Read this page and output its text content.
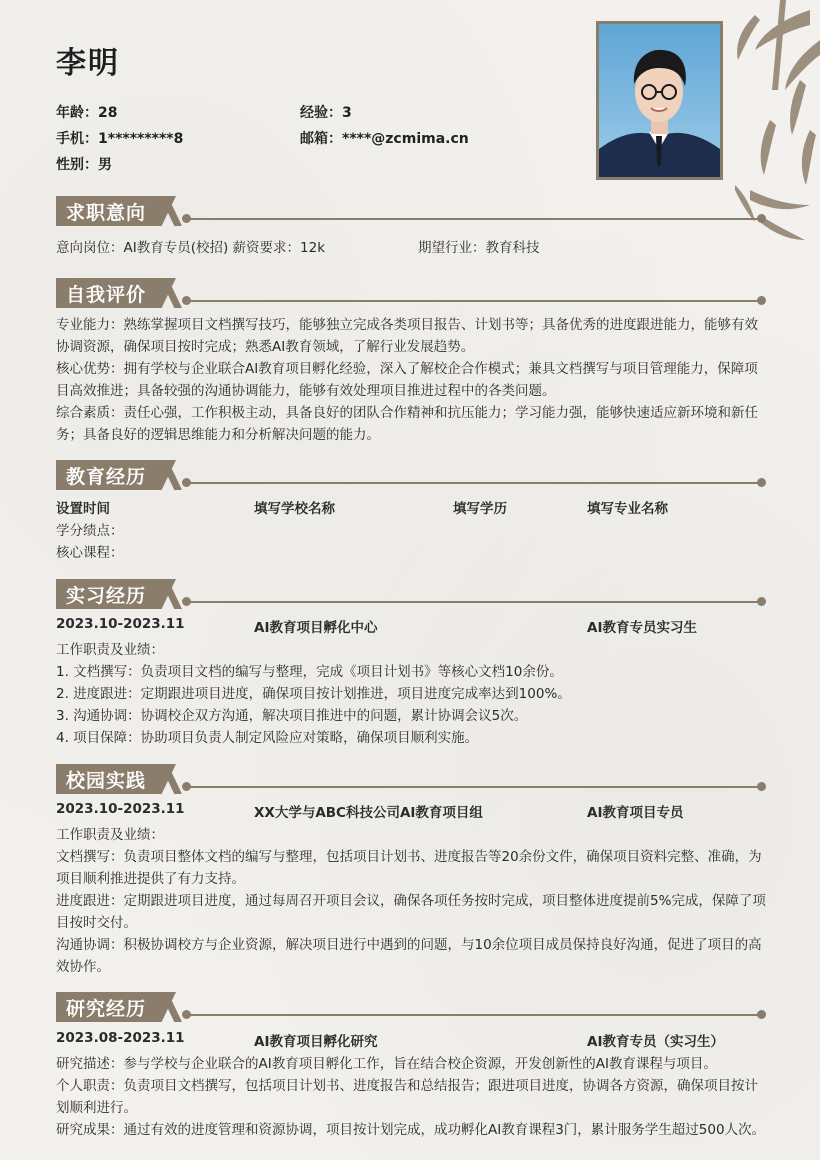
李明
年龄：28	经验：3
手机：1*********8	邮箱：****@zcmima.cn
性别：男
求职意向
意向岗位：AI教育专员(校招) 薪资要求：12k	期望行业：教育科技
自我评价

专业能力：熟练掌握项目文档撰写技巧，能够独立完成各类项目报告、计划书等；具备优秀的进度跟进能力，能够有效协调资源，确保项目按时完成；熟悉AI教育领域，了解行业发展趋势。

核心优势：拥有学校与企业联合AI教育项目孵化经验，深入了解校企合作模式；兼具文档撰写与项目管理能力，保障项目高效推进；具备较强的沟通协调能力，能够有效处理项目推进过程中的各类问题。

综合素质：责任心强，工作积极主动，具备良好的团队合作精神和抗压能力；学习能力强，能够快速适应新环境和新任务；具备良好的逻辑思维能力和分析解决问题的能力。

教育经历
设置时间	填写学校名称	填写学历	填写专业名称

学分绩点：

核心课程：

实习经历
2023.10-2023.11	AI教育项目孵化中心	AI教育专员实习生

工作职责及业绩：

1. 文档撰写：负责项目文档的编写与整理，完成《项目计划书》等核心文档10余份。

2. 进度跟进：定期跟进项目进度，确保项目按计划推进，项目进度完成率达到100%。

3. 沟通协调：协调校企双方沟通，解决项目推进中的问题，累计协调会议5次。

4. 项目保障：协助项目负责人制定风险应对策略，确保项目顺利实施。

校园实践
2023.10-2023.11	XX大学与ABC科技公司AI教育项目组	AI教育项目专员

工作职责及业绩：

文档撰写：负责项目整体文档的编写与整理，包括项目计划书、进度报告等20余份文件，确保项目资料完整、准确，为项目顺利推进提供了有力支持。

进度跟进：定期跟进项目进度，通过每周召开项目会议，确保各项任务按时完成，项目整体进度提前5%完成，保障了项目按时交付。

沟通协调：积极协调校方与企业资源，解决项目进行中遇到的问题，与10余位项目成员保持良好沟通，促进了项目的高效协作。

研究经历
2023.08-2023.11	AI教育项目孵化研究	AI教育专员（实习生）

研究描述：参与学校与企业联合的AI教育项目孵化工作，旨在结合校企资源，开发创新性的AI教育课程与项目。

个人职责：负责项目文档撰写，包括项目计划书、进度报告和总结报告；跟进项目进度，协调各方资源，确保项目按计划顺利进行。

研究成果：通过有效的进度管理和资源协调，项目按计划完成，成功孵化AI教育课程3门，累计服务学生超过500人次。
